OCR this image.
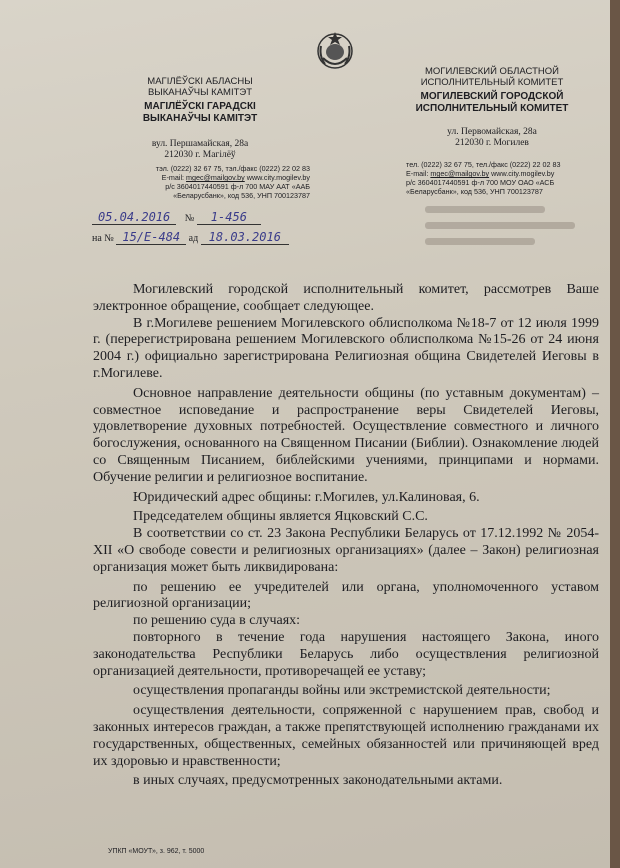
МАГІЛЁЎСКІ АБЛАСНЫ
ВЫКАНАЎЧЫ КАМІТЭТ
МАГІЛЁЎСКІ ГАРАДСКІ
ВЫКАНАЎЧЫ КАМІТЭТ
вул. Першамайская, 28а
212030 г. Магілёў
тэл. (0222) 32 67 75, тэл./факс (0222) 22 02 83
E-mail: mgec@mailgov.by www.city.mogilev.by
р/с 3604017440591 ф-л 700 МАУ ААТ «ААБ
«Беларусбанк», код 536, УНП 700123787
МОГИЛЕВСКИЙ ОБЛАСТНОЙ
ИСПОЛНИТЕЛЬНЫЙ КОМИТЕТ
МОГИЛЕВСКИЙ ГОРОДСКОЙ
ИСПОЛНИТЕЛЬНЫЙ КОМИТЕТ
ул. Первомайская, 28а
212030 г. Могилев
тел. (0222) 32 67 75, тел./факс (0222) 22 02 83
E-mail: mgec@mailgov.by www.city.mogilev.by
р/с 3604017440591 ф-л 700 МОУ ОАО «АСБ
«Беларусбанк», код 536, УНП 700123787
05.04.2016 № 1-456
на № 15/Е-484 ад 18.03.2016

Могилевский городской исполнительный комитет, рассмотрев Ваше электронное обращение, сообщает следующее.

В г.Могилеве решением Могилевского облисполкома №18-7 от 12 июля 1999 г. (перерегистрирована решением Могилевского облисполкома №15-26 от 24 июня 2004 г.) официально зарегистрирована Религиозная община Свидетелей Иеговы в г.Могилеве.

Основное направление деятельности общины (по уставным документам) – совместное исповедание и распространение веры Свидетелей Иеговы, удовлетворение духовных потребностей. Осуществление совместного и личного богослужения, основанного на Священном Писании (Библии). Ознакомление людей со Священным Писанием, библейскими учениями, принципами и нормами. Обучение религии и религиозное воспитание.

Юридический адрес общины: г.Могилев, ул.Калиновая, 6.

Председателем общины является Яцковский С.С.

В соответствии со ст. 23 Закона Республики Беларусь от 17.12.1992 № 2054-XII «О свободе совести и религиозных организациях» (далее – Закон) религиозная организация может быть ликвидирована:

по решению ее учредителей или органа, уполномоченного уставом религиозной организации;

по решению суда в случаях:

повторного в течение года нарушения настоящего Закона, иного законодательства Республики Беларусь либо осуществления религиозной организацией деятельности, противоречащей ее уставу;

осуществления пропаганды войны или экстремистской деятельности;

осуществления деятельности, сопряженной с нарушением прав, свобод и законных интересов граждан, а также препятствующей исполнению гражданами их государственных, общественных, семейных обязанностей или причиняющей вред их здоровью и нравственности;

в иных случаях, предусмотренных законодательными актами.

УПКП «МОУТ», з. 962, т. 5000
